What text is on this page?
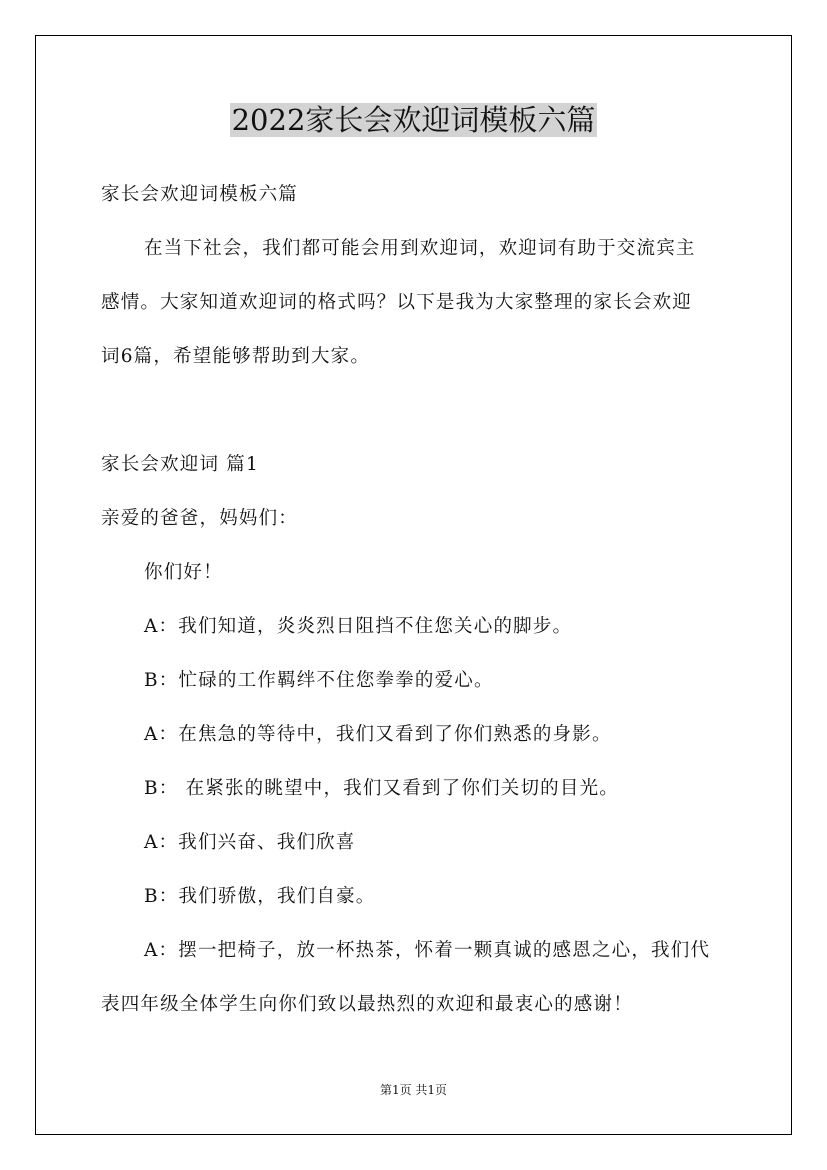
2022家长会欢迎词模板六篇
家长会欢迎词模板六篇
在当下社会，我们都可能会用到欢迎词，欢迎词有助于交流宾主
感情。大家知道欢迎词的格式吗？以下是我为大家整理的家长会欢迎
词6篇，希望能够帮助到大家。
家长会欢迎词 篇1
亲爱的爸爸，妈妈们：
你们好！
A：我们知道，炎炎烈日阻挡不住您关心的脚步。
B：忙碌的工作羁绊不住您拳拳的爱心。
A：在焦急的等待中，我们又看到了你们熟悉的身影。
B： 在紧张的眺望中，我们又看到了你们关切的目光。
A：我们兴奋、我们欣喜
B：我们骄傲，我们自豪。
A：摆一把椅子，放一杯热茶，怀着一颗真诚的感恩之心，我们代
表四年级全体学生向你们致以最热烈的欢迎和最衷心的感谢！
第1页 共1页
